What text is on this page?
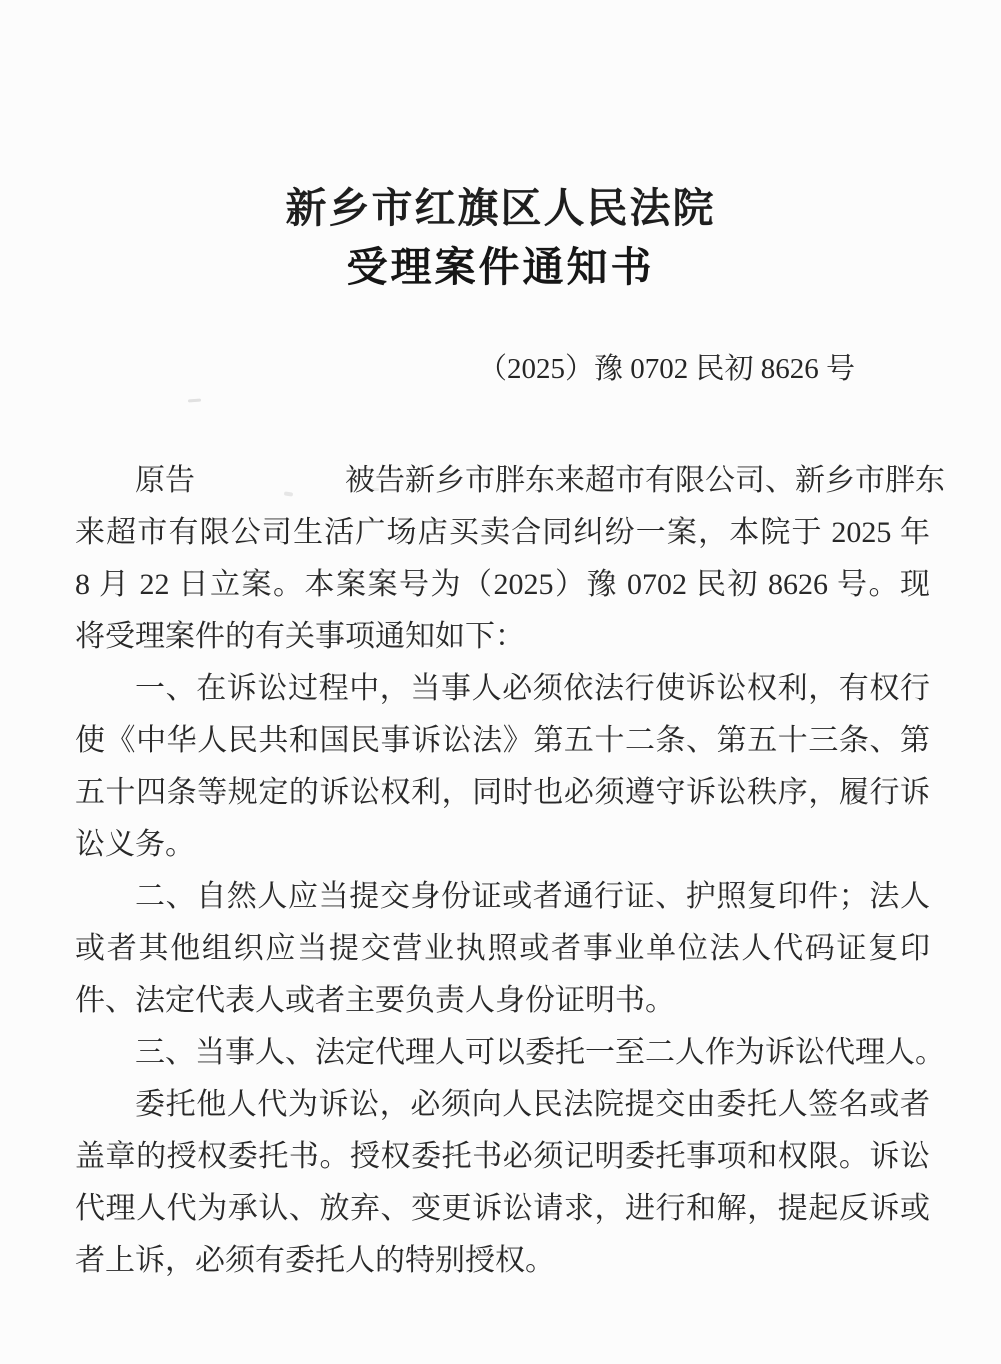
新乡市红旗区人民法院
受理案件通知书
（2025）豫 0702 民初 8626 号
原告　　　　　被告新乡市胖东来超市有限公司、新乡市胖东
来超市有限公司生活广场店买卖合同纠纷一案，本院于 2025 年
8 月 22 日立案。本案案号为（2025）豫 0702 民初 8626 号。现
将受理案件的有关事项通知如下：
一、在诉讼过程中，当事人必须依法行使诉讼权利，有权行
使《中华人民共和国民事诉讼法》第五十二条、第五十三条、第
五十四条等规定的诉讼权利，同时也必须遵守诉讼秩序，履行诉
讼义务。
二、自然人应当提交身份证或者通行证、护照复印件；法人
或者其他组织应当提交营业执照或者事业单位法人代码证复印
件、法定代表人或者主要负责人身份证明书。
三、当事人、法定代理人可以委托一至二人作为诉讼代理人。
委托他人代为诉讼，必须向人民法院提交由委托人签名或者
盖章的授权委托书。授权委托书必须记明委托事项和权限。诉讼
代理人代为承认、放弃、变更诉讼请求，进行和解，提起反诉或
者上诉，必须有委托人的特别授权。
